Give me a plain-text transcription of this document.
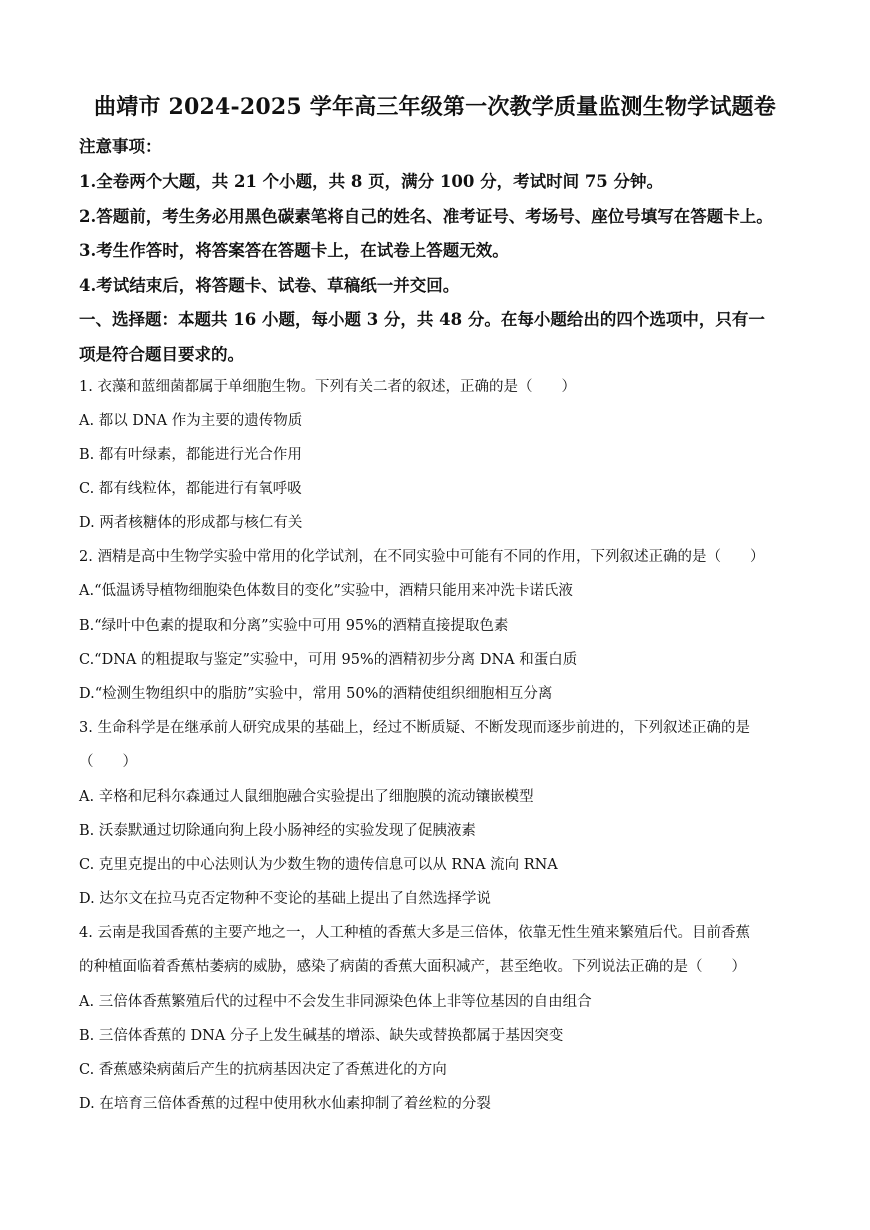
曲靖市 2024-2025 学年高三年级第一次教学质量监测生物学试题卷
注意事项：
1.全卷两个大题，共 21 个小题，共 8 页，满分 100 分，考试时间 75 分钟。
2.答题前，考生务必用黑色碳素笔将自己的姓名、准考证号、考场号、座位号填写在答题卡上。
3.考生作答时，将答案答在答题卡上，在试卷上答题无效。
4.考试结束后，将答题卡、试卷、草稿纸一并交回。
一、选择题：本题共 16 小题，每小题 3 分，共 48 分。在每小题给出的四个选项中，只有一
项是符合题目要求的。
1. 衣藻和蓝细菌都属于单细胞生物。下列有关二者的叙述，正确的是（　　）
A. 都以 DNA 作为主要的遗传物质
B. 都有叶绿素，都能进行光合作用
C. 都有线粒体，都能进行有氧呼吸
D. 两者核糖体的形成都与核仁有关
2. 酒精是高中生物学实验中常用的化学试剂，在不同实验中可能有不同的作用，下列叙述正确的是（　　）
A.“低温诱导植物细胞染色体数目的变化”实验中，酒精只能用来冲洗卡诺氏液
B.“绿叶中色素的提取和分离”实验中可用 95%的酒精直接提取色素
C.“DNA 的粗提取与鉴定”实验中，可用 95%的酒精初步分离 DNA 和蛋白质
D.“检测生物组织中的脂肪”实验中，常用 50%的酒精使组织细胞相互分离
3. 生命科学是在继承前人研究成果的基础上，经过不断质疑、不断发现而逐步前进的，下列叙述正确的是
（　　）
A. 辛格和尼科尔森通过人鼠细胞融合实验提出了细胞膜的流动镶嵌模型
B. 沃泰默通过切除通向狗上段小肠神经的实验发现了促胰液素
C. 克里克提出的中心法则认为少数生物的遗传信息可以从 RNA 流向 RNA
D. 达尔文在拉马克否定物种不变论的基础上提出了自然选择学说
4. 云南是我国香蕉的主要产地之一，人工种植的香蕉大多是三倍体，依靠无性生殖来繁殖后代。目前香蕉
的种植面临着香蕉枯萎病的威胁，感染了病菌的香蕉大面积减产，甚至绝收。下列说法正确的是（　　）
A. 三倍体香蕉繁殖后代的过程中不会发生非同源染色体上非等位基因的自由组合
B. 三倍体香蕉的 DNA 分子上发生碱基的增添、缺失或替换都属于基因突变
C. 香蕉感染病菌后产生的抗病基因决定了香蕉进化的方向
D. 在培育三倍体香蕉的过程中使用秋水仙素抑制了着丝粒的分裂
